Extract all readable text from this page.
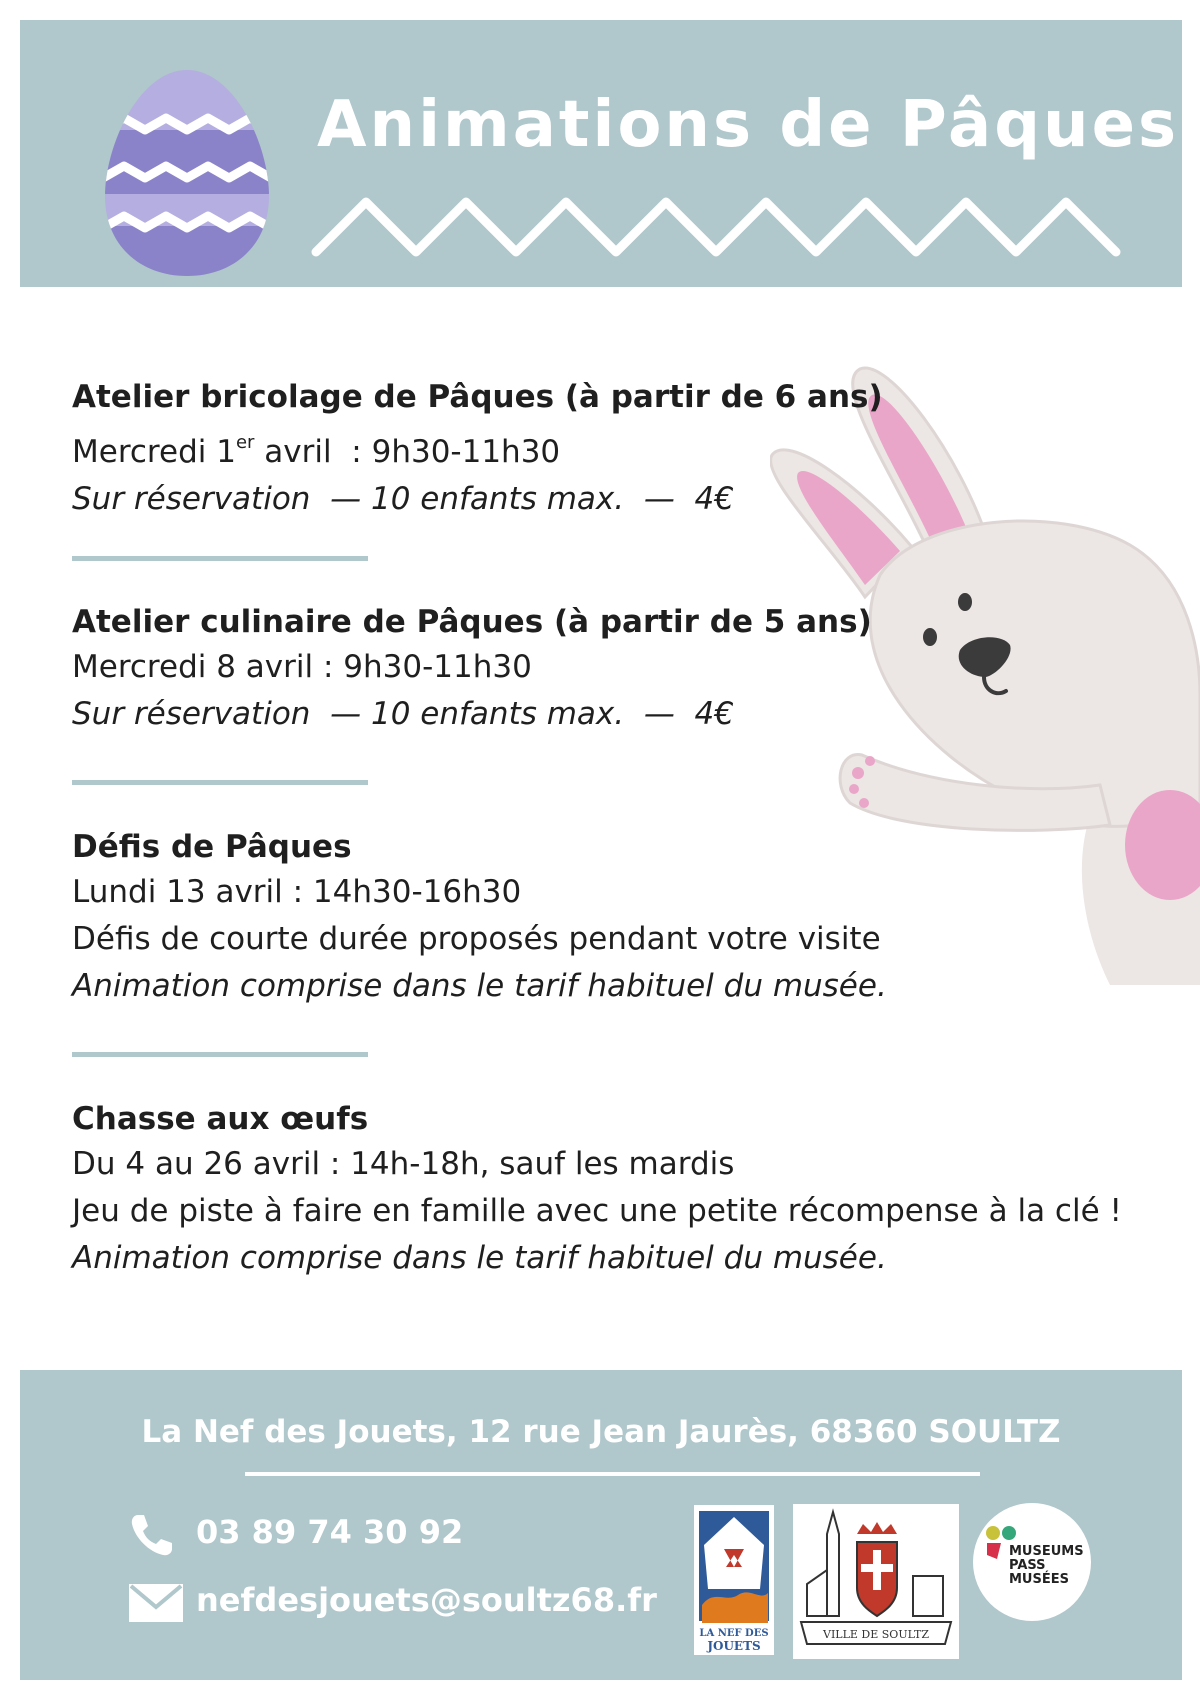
Animations de Pâques
Atelier bricolage de Pâques (à partir de 6 ans)
Mercredi 1er avril  : 9h30-11h30
Sur réservation  — 10 enfants max.  —  4€
Atelier culinaire de Pâques (à partir de 5 ans)
Mercredi 8 avril : 9h30-11h30
Sur réservation  — 10 enfants max.  —  4€
Défis de Pâques
Lundi 13 avril : 14h30-16h30
Défis de courte durée proposés pendant votre visite
Animation comprise dans le tarif habituel du musée.
Chasse aux œufs
Du 4 au 26 avril : 14h-18h, sauf les mardis
Jeu de piste à faire en famille avec une petite récompense à la clé !
Animation comprise dans le tarif habituel du musée.
La Nef des Jouets, 12 rue Jean Jaurès, 68360 SOULTZ
03 89 74 30 92
nefdesjouets@soultz68.fr
LA NEF DES
JOUETS
VILLE DE SOULTZ
MUSEUMS
PASS
MUSÉES
